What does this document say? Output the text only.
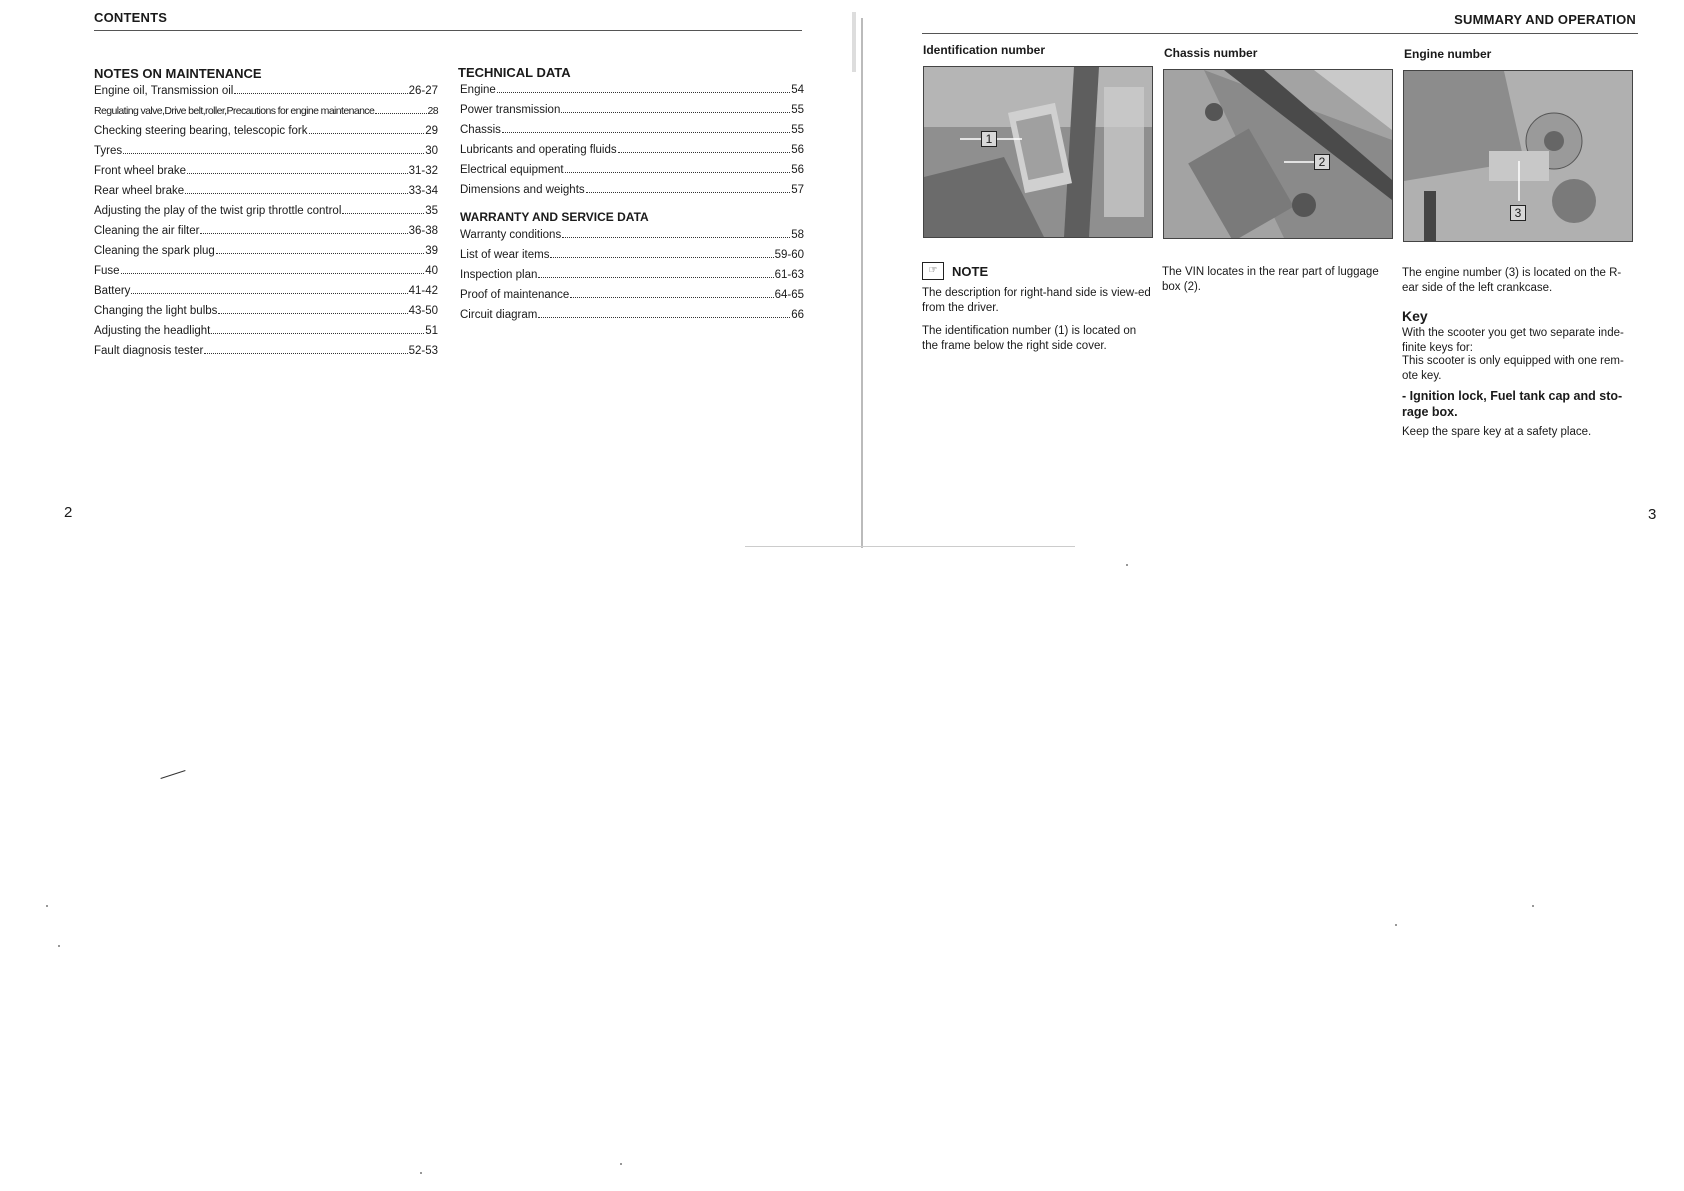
CONTENTS
NOTES ON MAINTENANCE
Engine oil, Transmission oil	26-27
Regulating valve,Drive belt,roller,Precautions for engine maintenance	28
Checking steering bearing, telescopic fork	29
Tyres	30
Front wheel brake	31-32
Rear wheel brake	33-34
Adjusting the play of the twist grip throttle control	35
Cleaning the air filter	36-38
Cleaning the spark plug	39
Fuse	40
Battery	41-42
Changing the light bulbs	43-50
Adjusting the headlight	51
Fault diagnosis tester	52-53
TECHNICAL DATA
Engine	54
Power transmission	55
Chassis	55
Lubricants and operating fluids	56
Electrical equipment	56
Dimensions and weights	57
WARRANTY AND SERVICE DATA
Warranty conditions	58
List of wear items	59-60
Inspection plan	61-63
Proof of maintenance	64-65
Circuit diagram	66
2
SUMMARY AND OPERATION
Identification number
1
☞	NOTE
The description for right-hand side is view-ed from the driver.
The identification number (1) is located on the frame below the right side cover.
Chassis number
2
The VIN locates in the rear part of luggage box (2).
Engine number
3
The engine number (3) is located on the R-ear side of the left crankcase.
Key
With the scooter you get two separate inde-finite keys for:
This scooter is only equipped with one rem-ote key.
- Ignition lock, Fuel tank cap and sto-rage box.
Keep the spare key at a safety place.
3
